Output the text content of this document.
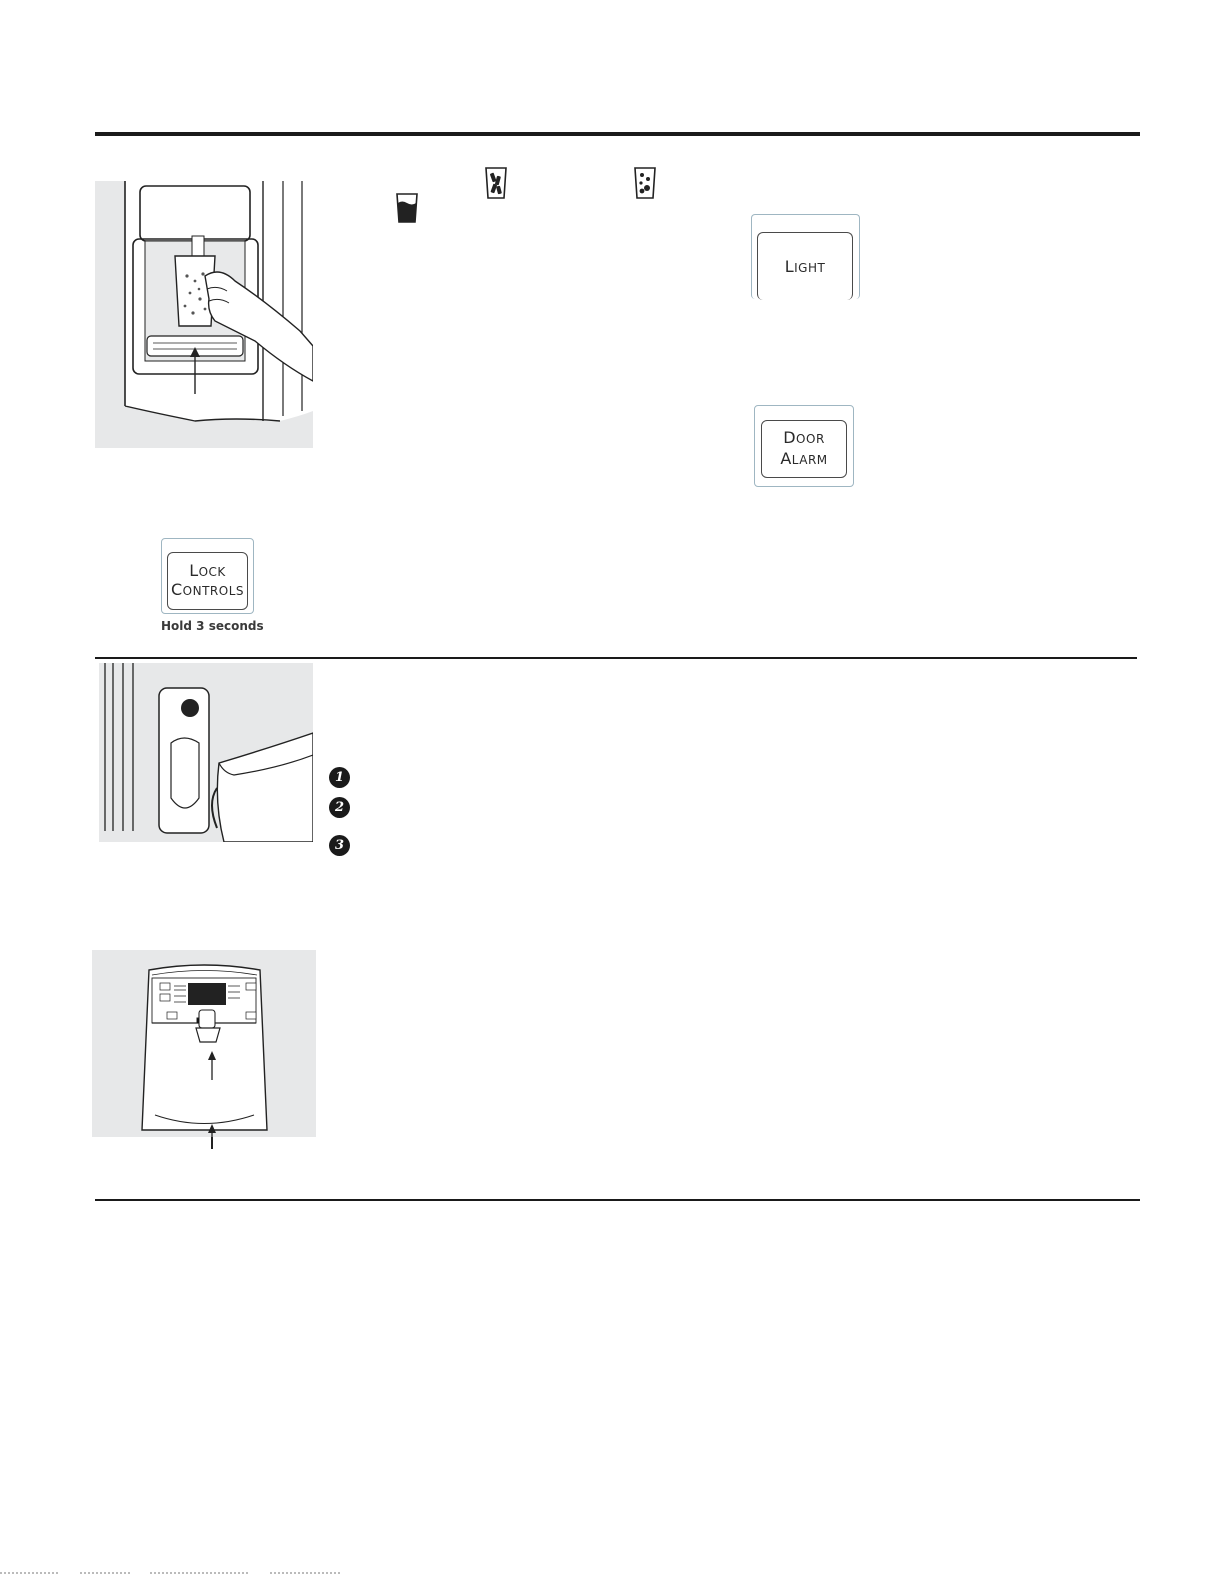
LIGHT
DOOR
ALARM
LOCK
CONTROLS
Hold 3 seconds
1
2
3
